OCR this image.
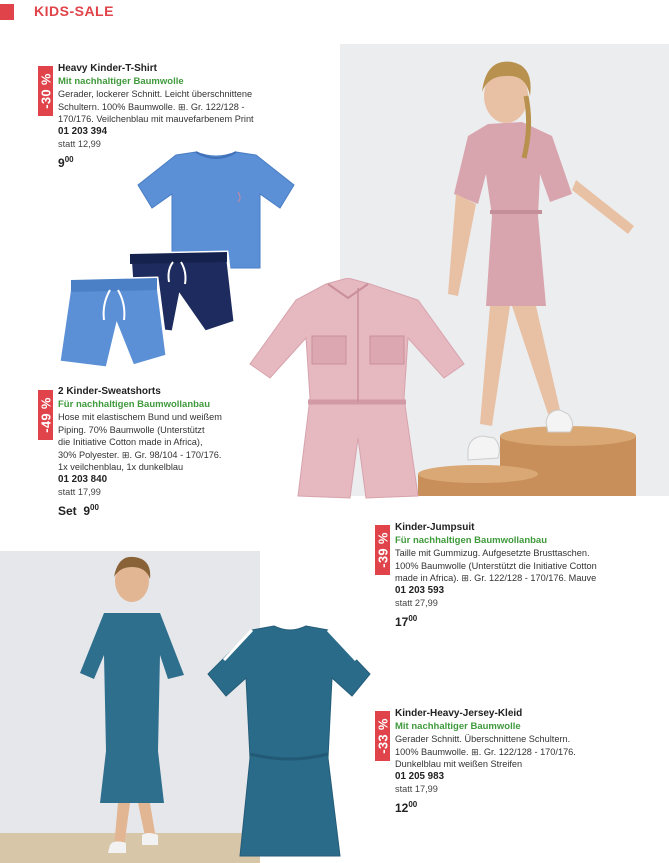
KIDS-SALE
-30 %
Heavy Kinder-T-Shirt
Mit nachhaltiger Baumwolle
Gerader, lockerer Schnitt. Leicht überschnittene
Schultern. 100% Baumwolle. ⊞. Gr. 122/128 -
170/176. Veilchenblau mit mauvefarbenem Print
01 203 394
statt 12,99
$9^{00}$
-49 %
2 Kinder-Sweatshorts
Für nachhaltigen Baumwollanbau
Hose mit elastischem Bund und weißem
Piping. 70% Baumwolle (Unterstützt
die Initiative Cotton made in Africa),
30% Polyester. ⊞. Gr. 98/104 - 170/176.
1x veilchenblau, 1x dunkelblau
01 203 840
statt 17,99
Set $9^{00}$
-39 %
Kinder-Jumpsuit
Für nachhaltigen Baumwollanbau
Taille mit Gummizug. Aufgesetzte Brusttaschen.
100% Baumwolle (Unterstützt die Initiative Cotton
made in Africa). ⊞. Gr. 122/128 - 170/176. Mauve
01 203 593
statt 27,99
$17^{00}$
-33 %
Kinder-Heavy-Jersey-Kleid
Mit nachhaltiger Baumwolle
Gerader Schnitt. Überschnittene Schultern.
100% Baumwolle. ⊞. Gr. 122/128 - 170/176.
Dunkelblau mit weißen Streifen
01 205 983
statt 17,99
$12^{00}$
